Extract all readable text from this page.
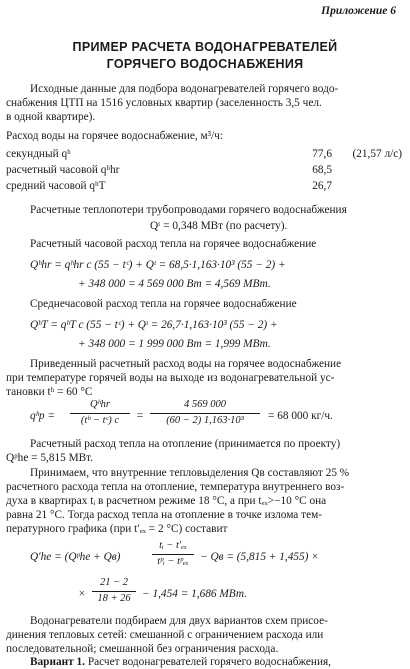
Приложение 6
ПРИМЕР РАСЧЕТА ВОДОНАГРЕВАТЕЛЕЙ
ГОРЯЧЕГО ВОДОСНАБЖЕНИЯ
Исходные данные для подбора водонагревателей горячего водо-
снабжения ЦТП на 1516 условных квартир (заселенность 3,5 чел.
в одной квартире).
Расход воды на горячее водоснабжение, м³/ч:
секундный qʰ	77,6 (21,57 л/с)
расчетный часовой qʰhr	68,5
средний часовой qʰT	26,7
Расчетные теплопотери трубопроводами горячего водоснабжения
Qᵗ = 0,348 МВт (по расчету).
Расчетный часовой расход тепла на горячее водоснабжение
Qʰhr = qʰhr c (55 − tᶜ) + Qᵗ = 68,5·1,163·10³ (55 − 2) +
+ 348 000 = 4 569 000 Вт = 4,569 МВт.
Среднечасовой расход тепла на горячее водоснабжение
QʰT = qʰT c (55 − tᶜ) + Qᵗ = 26,7·1,163·10³ (55 − 2) +
+ 348 000 = 1 999 000 Вт = 1,999 МВт.
Приведенный расчетный расход воды на горячее водоснабжение
при температуре горячей воды на выходе из водонагревательной ус-
тановки tʰ = 60 °C
qʰp =
Qʰhr
(tʰ − tᶜ) c	=
4 569 000
(60 − 2) 1,163·10³	= 68 000 кг/ч.
Расчетный расход тепла на отопление (принимается по проекту)
Qᵖhe = 5,815 МВт.
Принимаем, что внутренние тепловыделения Qв составляют 25 %
расчетного расхода тепла на отопление, температура внутреннего воз-
духа в квартирах tᵢ в расчетном режиме 18 °C, а при tₑₓ>−10 °C она
равна 21 °C. Тогда расход тепла на отопление в точке излома тем-
пературного графика (при t′ₑₓ = 2 °C) составит
Q′he = (Qᵖhe + Qв)
tᵢ − t′ₑₓ
tᵖᵢ − tᵖₑₓ − Qв = (5,815 + 1,455) ×
×
21 − 2
18 + 26	− 1,454 = 1,686 МВт.
Водонагреватели подбираем для двух вариантов схем присое-
динения тепловых сетей: смешанной с ограничением расхода или
последовательной; смешанной без ограничения расхода.
Вариант 1. Расчет водонагревателей горячего водоснабжения,
